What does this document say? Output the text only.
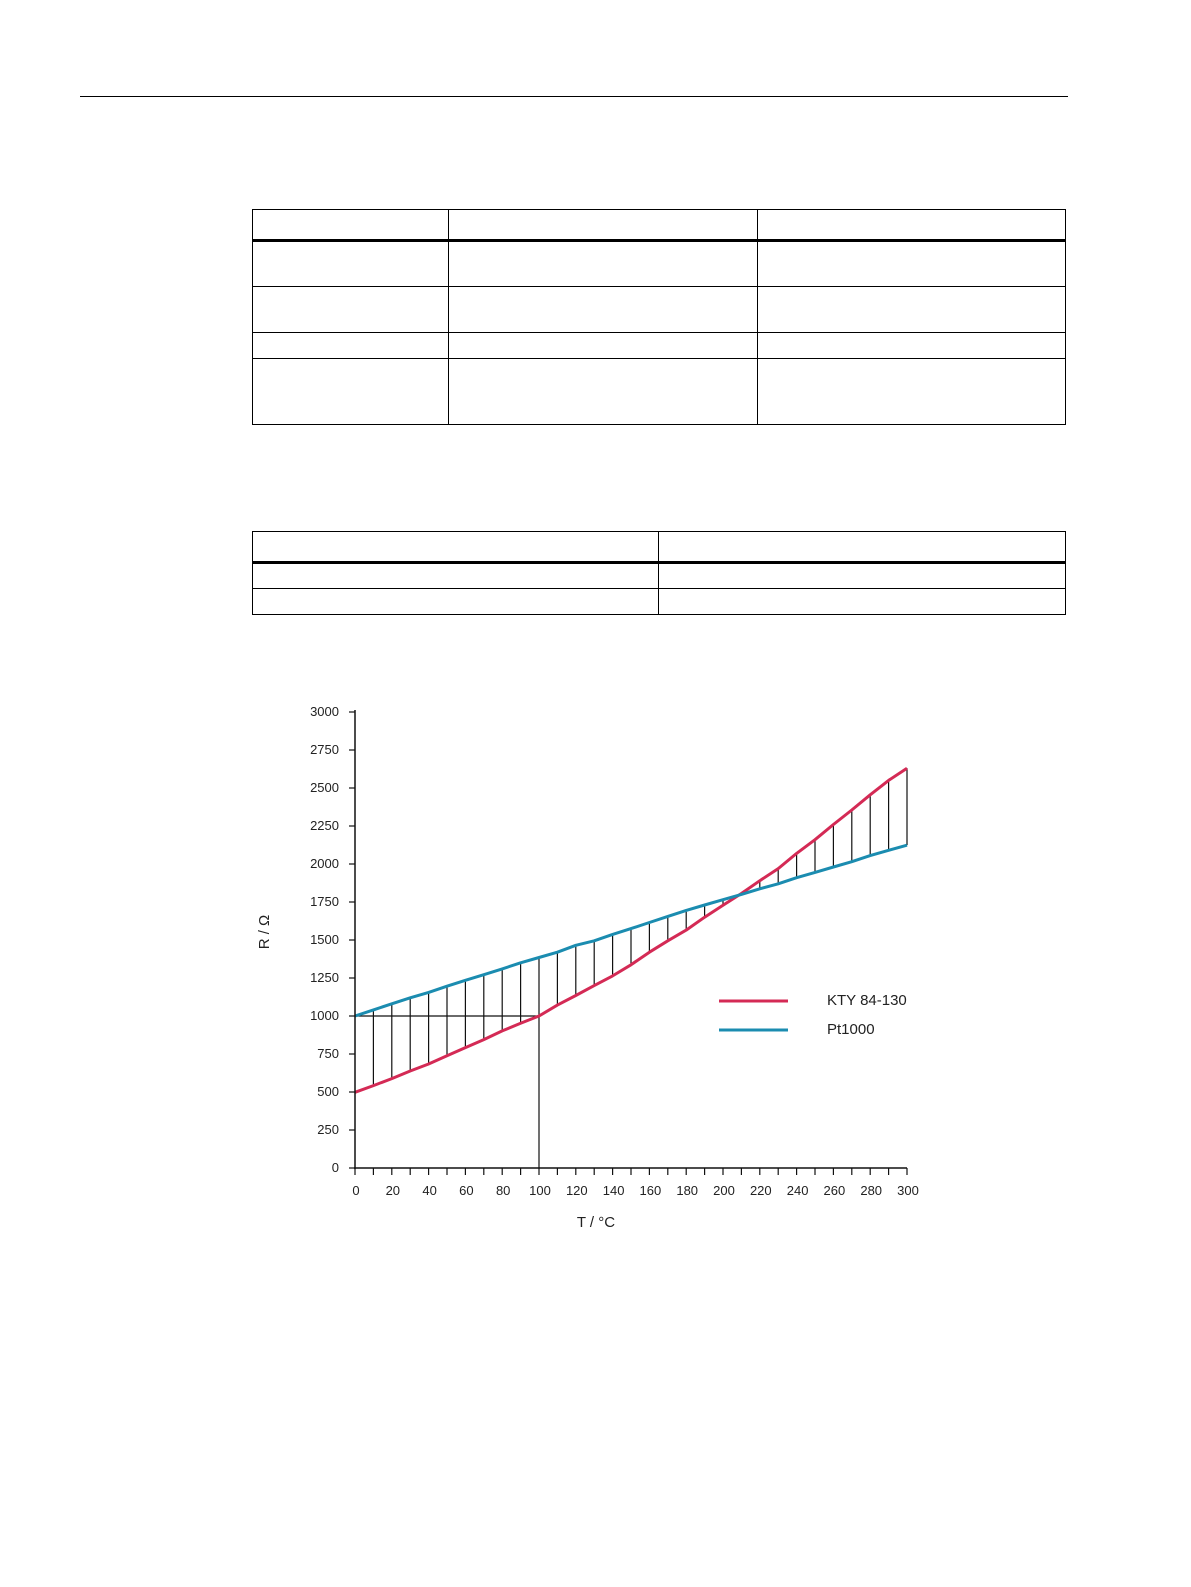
0
250
500
750
1000
1250
1500
1750
2000
2250
2500
2750
3000
0 20 40 60 80 100 120 140 160 180 200 220 240 260 280 300
T / °C
R / Ω
KTY 84-130
Pt1000
